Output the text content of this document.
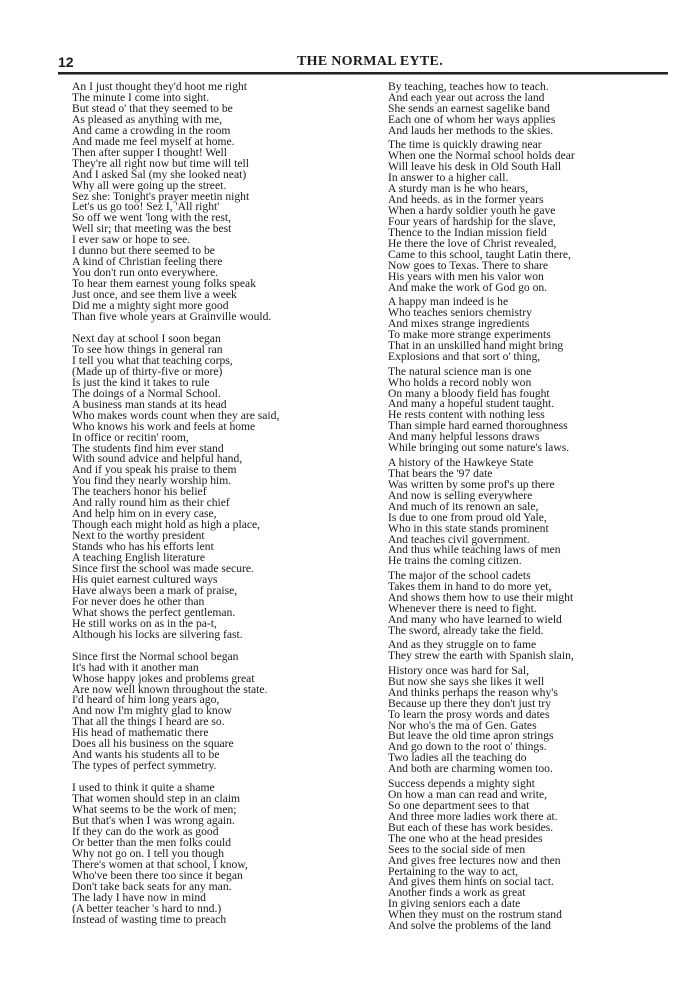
12	THE NORMAL EYTE.
An I just thought they'd hoot me right
The minute I come into sight.
But stead o' that they seemed to be
As pleased as anything with me,
And came a crowding in the room
And made me feel myself at home.
Then after supper I thought! Well
They're all right now but time will tell
And I asked Sal (my she looked neat)
Why all were going up the street.
Sez she: Tonight's prayer meetin night
Let's us go too! Sez I, 'All right'
So off we went 'long with the rest,
Well sir; that meeting was the best
I ever saw or hope to see.
I dunno but there seemed to be
A kind of Christian feeling there
You don't run onto everywhere.
To hear them earnest young folks speak
Just once, and see them live a week
Did me a mighty sight more good
Than five whole years at Grainville would.
Next day at school I soon began
To see how things in general ran
I tell you what that teaching corps,
(Made up of thirty-five or more)
Is just the kind it takes to rule
The doings of a Normal School.
A business man stands at its head
Who makes words count when they are said,
Who knows his work and feels at home
In office or recitin' room,
The students find him ever stand
With sound advice and helpful hand,
And if you speak his praise to them
You find they nearly worship him.
The teachers honor his belief
And rally round him as their chief
And help him on in every case,
Though each might hold as high a place,
Next to the worthy president
Stands who has his efforts lent
A teaching English literature
Since first the school was made secure.
His quiet earnest cultured ways
Have always been a mark of praise,
For never does he other than
What shows the perfect gentleman.
He still works on as in the pa-t,
Although his locks are silvering fast.
Since first the Normal school began
It's had with it another man
Whose happy jokes and problems great
Are now well known throughout the state.
I'd heard of him long years ago,
And now I'm mighty glad to know
That all the things I heard are so.
His head of mathematic there
Does all his business on the square
And wants his students all to be
The types of perfect symmetry.
I used to think it quite a shame
That women should step in an claim
What seems to be the work of men;
But that's when I was wrong again.
If they can do the work as good
Or better than the men folks could
Why not go on. I tell you though
There's women at that school, I know,
Who've been there too since it began
Don't take back seats for any man.
The lady I have now in mind
(A better teacher 's hard to nnd.)
Instead of wasting time to preach
By teaching, teaches how to teach.
And each year out across the land
She sends an earnest sagelike band
Each one of whom her ways applies
And lauds her methods to the skies.
The time is quickly drawing near
When one the Normal school holds dear
Will leave his desk in Old South Hall
In answer to a higher call.
A sturdy man is he who hears,
And heeds. as in the former years
When a hardy soldier youth he gave
Four years of hardship for the slave,
Thence to the Indian mission field
He there the love of Christ revealed,
Came to this school, taught Latin there,
Now goes to Texas. There to share
His years with men his valor won
And make the work of God go on.
A happy man indeed is he
Who teaches seniors chemistry
And mixes strange ingredients
To make more strange experiments
That in an unskilled hand might bring
Explosions and that sort o' thing,
The natural science man is one
Who holds a record nobly won
On many a bloody field has fought
And many a hopeful student taught.
He rests content with nothing less
Than simple hard earned thoroughness
And many helpful lessons draws
While bringing out some nature's laws.
A history of the Hawkeye State
That bears the '97 date
Was written by some prof's up there
And now is selling everywhere
And much of its renown an sale,
Is due to one from proud old Yale,
Who in this state stands prominent
And teaches civil government.
And thus while teaching laws of men
He trains the coming citizen.
The major of the school cadets
Takes them in hand to do more yet,
And shows them how to use their might
Whenever there is need to fight.
And many who have learned to wield
The sword, already take the field.
And as they struggle on to fame
They strew the earth with Spanish slain,
History once was hard for Sal,
But now she says she likes it well
And thinks perhaps the reason why's
Because up there they don't just try
To learn the prosy words and dates
Nor who's the ma of Gen. Gates
But leave the old time apron strings
And go down to the root o' things.
Two ladies all the teaching do
And both are charming women too.
Success depends a mighty sight
On how a man can read and write,
So one department sees to that
And three more ladies work there at.
But each of these has work besides.
The one who at the head presides
Sees to the social side of men
And gives free lectures now and then
Pertaining to the way to act,
And gives them hints on social tact.
Another finds a work as great
In giving seniors each a date
When they must on the rostrum stand
And solve the problems of the land
